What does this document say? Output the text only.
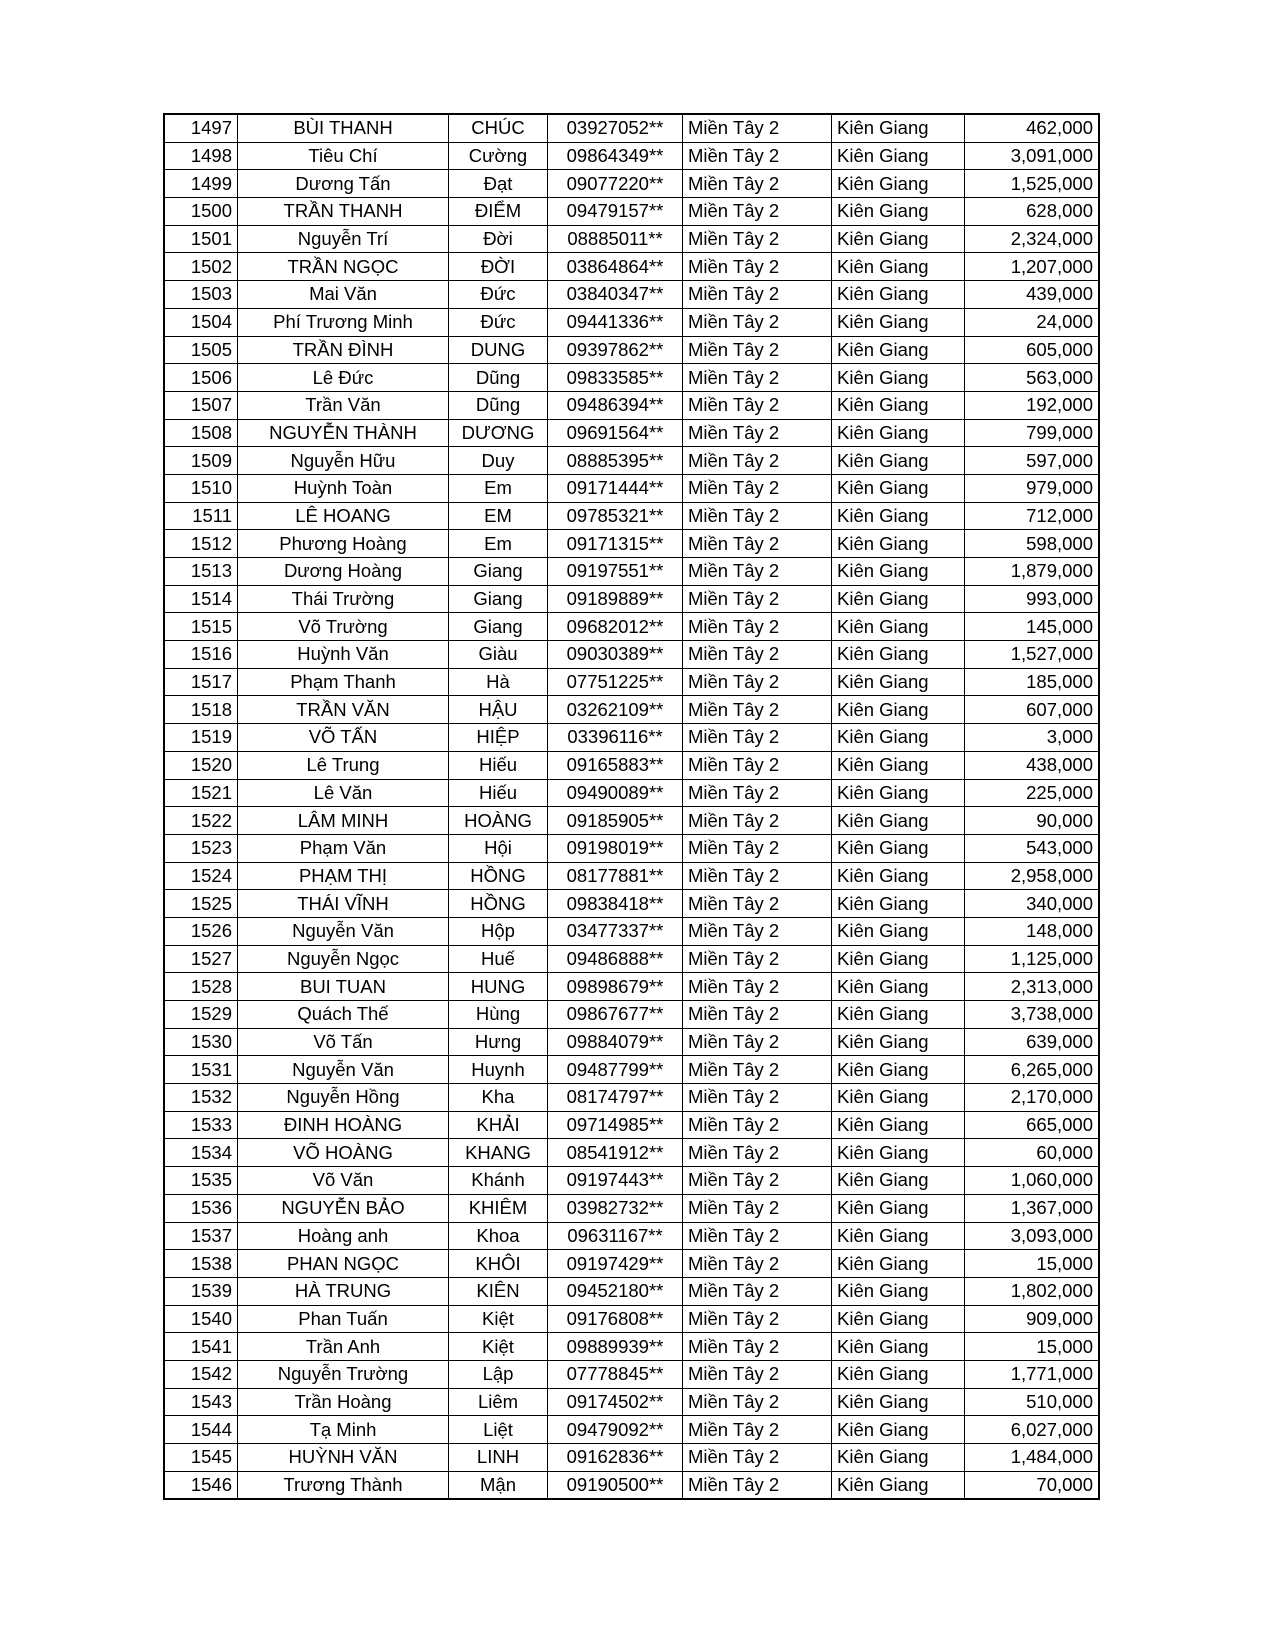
1497	BÙI THANH	CHÚC	03927052**	Miền Tây 2	Kiên Giang	462,000
1498	Tiêu Chí	Cường	09864349**	Miền Tây 2	Kiên Giang	3,091,000
1499	Dương Tấn	Đạt	09077220**	Miền Tây 2	Kiên Giang	1,525,000
1500	TRẦN THANH	ĐIỂM	09479157**	Miền Tây 2	Kiên Giang	628,000
1501	Nguyễn Trí	Đời	08885011**	Miền Tây 2	Kiên Giang	2,324,000
1502	TRẦN NGỌC	ĐỜI	03864864**	Miền Tây 2	Kiên Giang	1,207,000
1503	Mai Văn	Đức	03840347**	Miền Tây 2	Kiên Giang	439,000
1504	Phí Trương Minh	Đức	09441336**	Miền Tây 2	Kiên Giang	24,000
1505	TRẦN ĐÌNH	DUNG	09397862**	Miền Tây 2	Kiên Giang	605,000
1506	Lê Đức	Dũng	09833585**	Miền Tây 2	Kiên Giang	563,000
1507	Trần Văn	Dũng	09486394**	Miền Tây 2	Kiên Giang	192,000
1508	NGUYỄN THÀNH	DƯƠNG	09691564**	Miền Tây 2	Kiên Giang	799,000
1509	Nguyễn Hữu	Duy	08885395**	Miền Tây 2	Kiên Giang	597,000
1510	Huỳnh Toàn	Em	09171444**	Miền Tây 2	Kiên Giang	979,000
1511	LÊ HOANG	EM	09785321**	Miền Tây 2	Kiên Giang	712,000
1512	Phương Hoàng	Em	09171315**	Miền Tây 2	Kiên Giang	598,000
1513	Dương Hoàng	Giang	09197551**	Miền Tây 2	Kiên Giang	1,879,000
1514	Thái Trường	Giang	09189889**	Miền Tây 2	Kiên Giang	993,000
1515	Võ Trường	Giang	09682012**	Miền Tây 2	Kiên Giang	145,000
1516	Huỳnh Văn	Giàu	09030389**	Miền Tây 2	Kiên Giang	1,527,000
1517	Phạm Thanh	Hà	07751225**	Miền Tây 2	Kiên Giang	185,000
1518	TRẦN VĂN	HẬU	03262109**	Miền Tây 2	Kiên Giang	607,000
1519	VÕ TẤN	HIỆP	03396116**	Miền Tây 2	Kiên Giang	3,000
1520	Lê Trung	Hiếu	09165883**	Miền Tây 2	Kiên Giang	438,000
1521	Lê Văn	Hiếu	09490089**	Miền Tây 2	Kiên Giang	225,000
1522	LÂM MINH	HOÀNG	09185905**	Miền Tây 2	Kiên Giang	90,000
1523	Phạm Văn	Hội	09198019**	Miền Tây 2	Kiên Giang	543,000
1524	PHẠM THỊ	HỒNG	08177881**	Miền Tây 2	Kiên Giang	2,958,000
1525	THÁI VĨNH	HỒNG	09838418**	Miền Tây 2	Kiên Giang	340,000
1526	Nguyễn Văn	Hộp	03477337**	Miền Tây 2	Kiên Giang	148,000
1527	Nguyễn Ngọc	Huế	09486888**	Miền Tây 2	Kiên Giang	1,125,000
1528	BUI TUAN	HUNG	09898679**	Miền Tây 2	Kiên Giang	2,313,000
1529	Quách Thế	Hùng	09867677**	Miền Tây 2	Kiên Giang	3,738,000
1530	Võ Tấn	Hưng	09884079**	Miền Tây 2	Kiên Giang	639,000
1531	Nguyễn Văn	Huynh	09487799**	Miền Tây 2	Kiên Giang	6,265,000
1532	Nguyễn Hồng	Kha	08174797**	Miền Tây 2	Kiên Giang	2,170,000
1533	ĐINH HOÀNG	KHẢI	09714985**	Miền Tây 2	Kiên Giang	665,000
1534	VÕ HOÀNG	KHANG	08541912**	Miền Tây 2	Kiên Giang	60,000
1535	Võ Văn	Khánh	09197443**	Miền Tây 2	Kiên Giang	1,060,000
1536	NGUYỄN BẢO	KHIÊM	03982732**	Miền Tây 2	Kiên Giang	1,367,000
1537	Hoàng anh	Khoa	09631167**	Miền Tây 2	Kiên Giang	3,093,000
1538	PHAN NGỌC	KHÔI	09197429**	Miền Tây 2	Kiên Giang	15,000
1539	HÀ TRUNG	KIÊN	09452180**	Miền Tây 2	Kiên Giang	1,802,000
1540	Phan Tuấn	Kiệt	09176808**	Miền Tây 2	Kiên Giang	909,000
1541	Trần Anh	Kiệt	09889939**	Miền Tây 2	Kiên Giang	15,000
1542	Nguyễn Trường	Lập	07778845**	Miền Tây 2	Kiên Giang	1,771,000
1543	Trần Hoàng	Liêm	09174502**	Miền Tây 2	Kiên Giang	510,000
1544	Tạ Minh	Liệt	09479092**	Miền Tây 2	Kiên Giang	6,027,000
1545	HUỲNH VĂN	LINH	09162836**	Miền Tây 2	Kiên Giang	1,484,000
1546	Trương Thành	Mận	09190500**	Miền Tây 2	Kiên Giang	70,000
